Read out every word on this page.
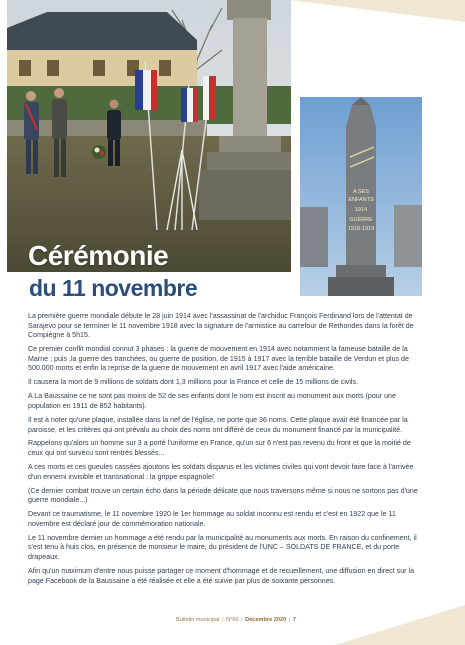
A SES
ENFANTS
1914
GUERRE
1918-1919
Cérémonie
du 11 novembre

La première guerre mondiale débute le 28 juin 1914 avec l'assassinat de l'archiduc François Ferdinand lors de l'attentat de Sarajevo pour se terminer le 11 novembre 1918 avec la signature de l'armistice au carrefour de Rethondes dans la forêt de Compiègne à 5h15.

Ce premier conflit mondial connut 3 phases : la guerre de mouvement en 1914 avec notamment la fameuse bataille de la Marne ; puis ,la guerre des tranchées, ou guerre de position, de 1915 à 1917 avec la terrible bataille de Verdun et plus de 500.000 morts et enfin la reprise de la guerre de mouvement en avril 1917 avec l'aide américaine.

Il causera la mort de 9 millions de soldats dont 1,3 millions pour la France et celle de 15 millions de civils.

A La Baussaine ce ne sont pas moins de 52 de ses enfants dont le nom est inscrit au monument aux morts (pour une population en 1911 de 852 habitants).

Il est à noter qu'une plaque, installée dans la nef de l'église, ne porte que 36 noms. Cette plaque avait été financée par la paroisse, et les critères qui ont prévalu au choix des noms ont différé de ceux du monument financé par la municipalité.

Rappelons qu'alors un homme sur 3 a porté l'uniforme en France, qu'un sur 6 n'est pas revenu du front et que la moitié de ceux qui ont survécu sont rentrés blessés...

A ces morts et ces gueules cassées ajoutons les soldats disparus et les victimes civiles qui vont devoir faire face à l'arrivée d'un ennemi invisible et transnational : la grippe espagnole!

(Ce dernier combat trouve un certain écho dans la période délicate que nous traversons même si nous ne sortons pas d'une guerre mondiale...)

Devant ce traumatisme, le 11 novembre 1920 le 1er hommage au soldat inconnu est rendu et c'est en 1922 que le 11 novembre est déclaré jour de commémoration nationale.

Le 11 novembre dernier un hommage a été rendu par la municipalité au monuments aux morts. En raison du confinement, il s'est tenu à huis clos, en présence de monsieur le maire, du président de l'UNC – SOLDATS DE FRANCE, et du porte drapeaux.

Afin qu'un maximum d'entre nous puisse partager ce moment d'hommage et de recueillement, une diffusion en direct sur la page Facebook de la Baussaine a été réalisée et elle a été suivie par plus de soixante personnes.

Bulletin municipal | N°66 | Décembre 2020 | 7
